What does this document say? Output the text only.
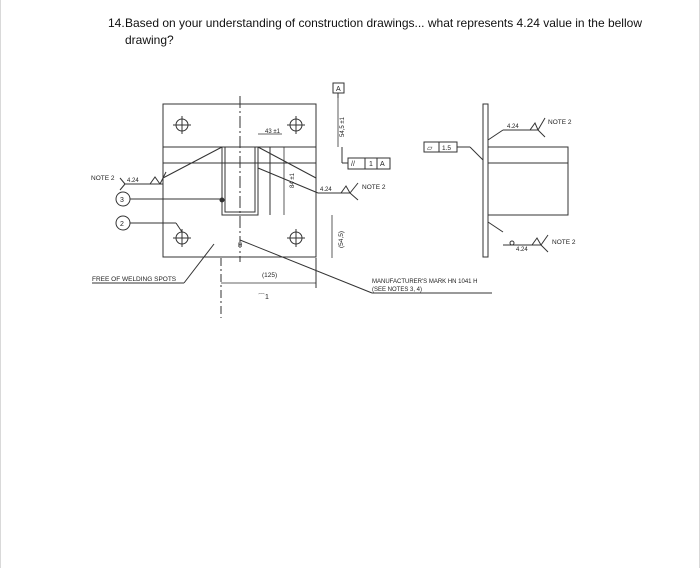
14. Based on your understanding of construction drawings... what represents 4.24 value in the bellow drawing?
43 ±1	54,5 ±1
A
// 1 A
84 ±1
(54,5)
4.24	NOTE 2
NOTE 2 4.24
3
2
FREE OF WELDING SPOTS
H
(125)
⌒1
MANUFACTURER'S MARK HN 1041 H
(SEE NOTES 3, 4)
▱ 1.5
4.24
NOTE 2
4.24
NOTE 2
